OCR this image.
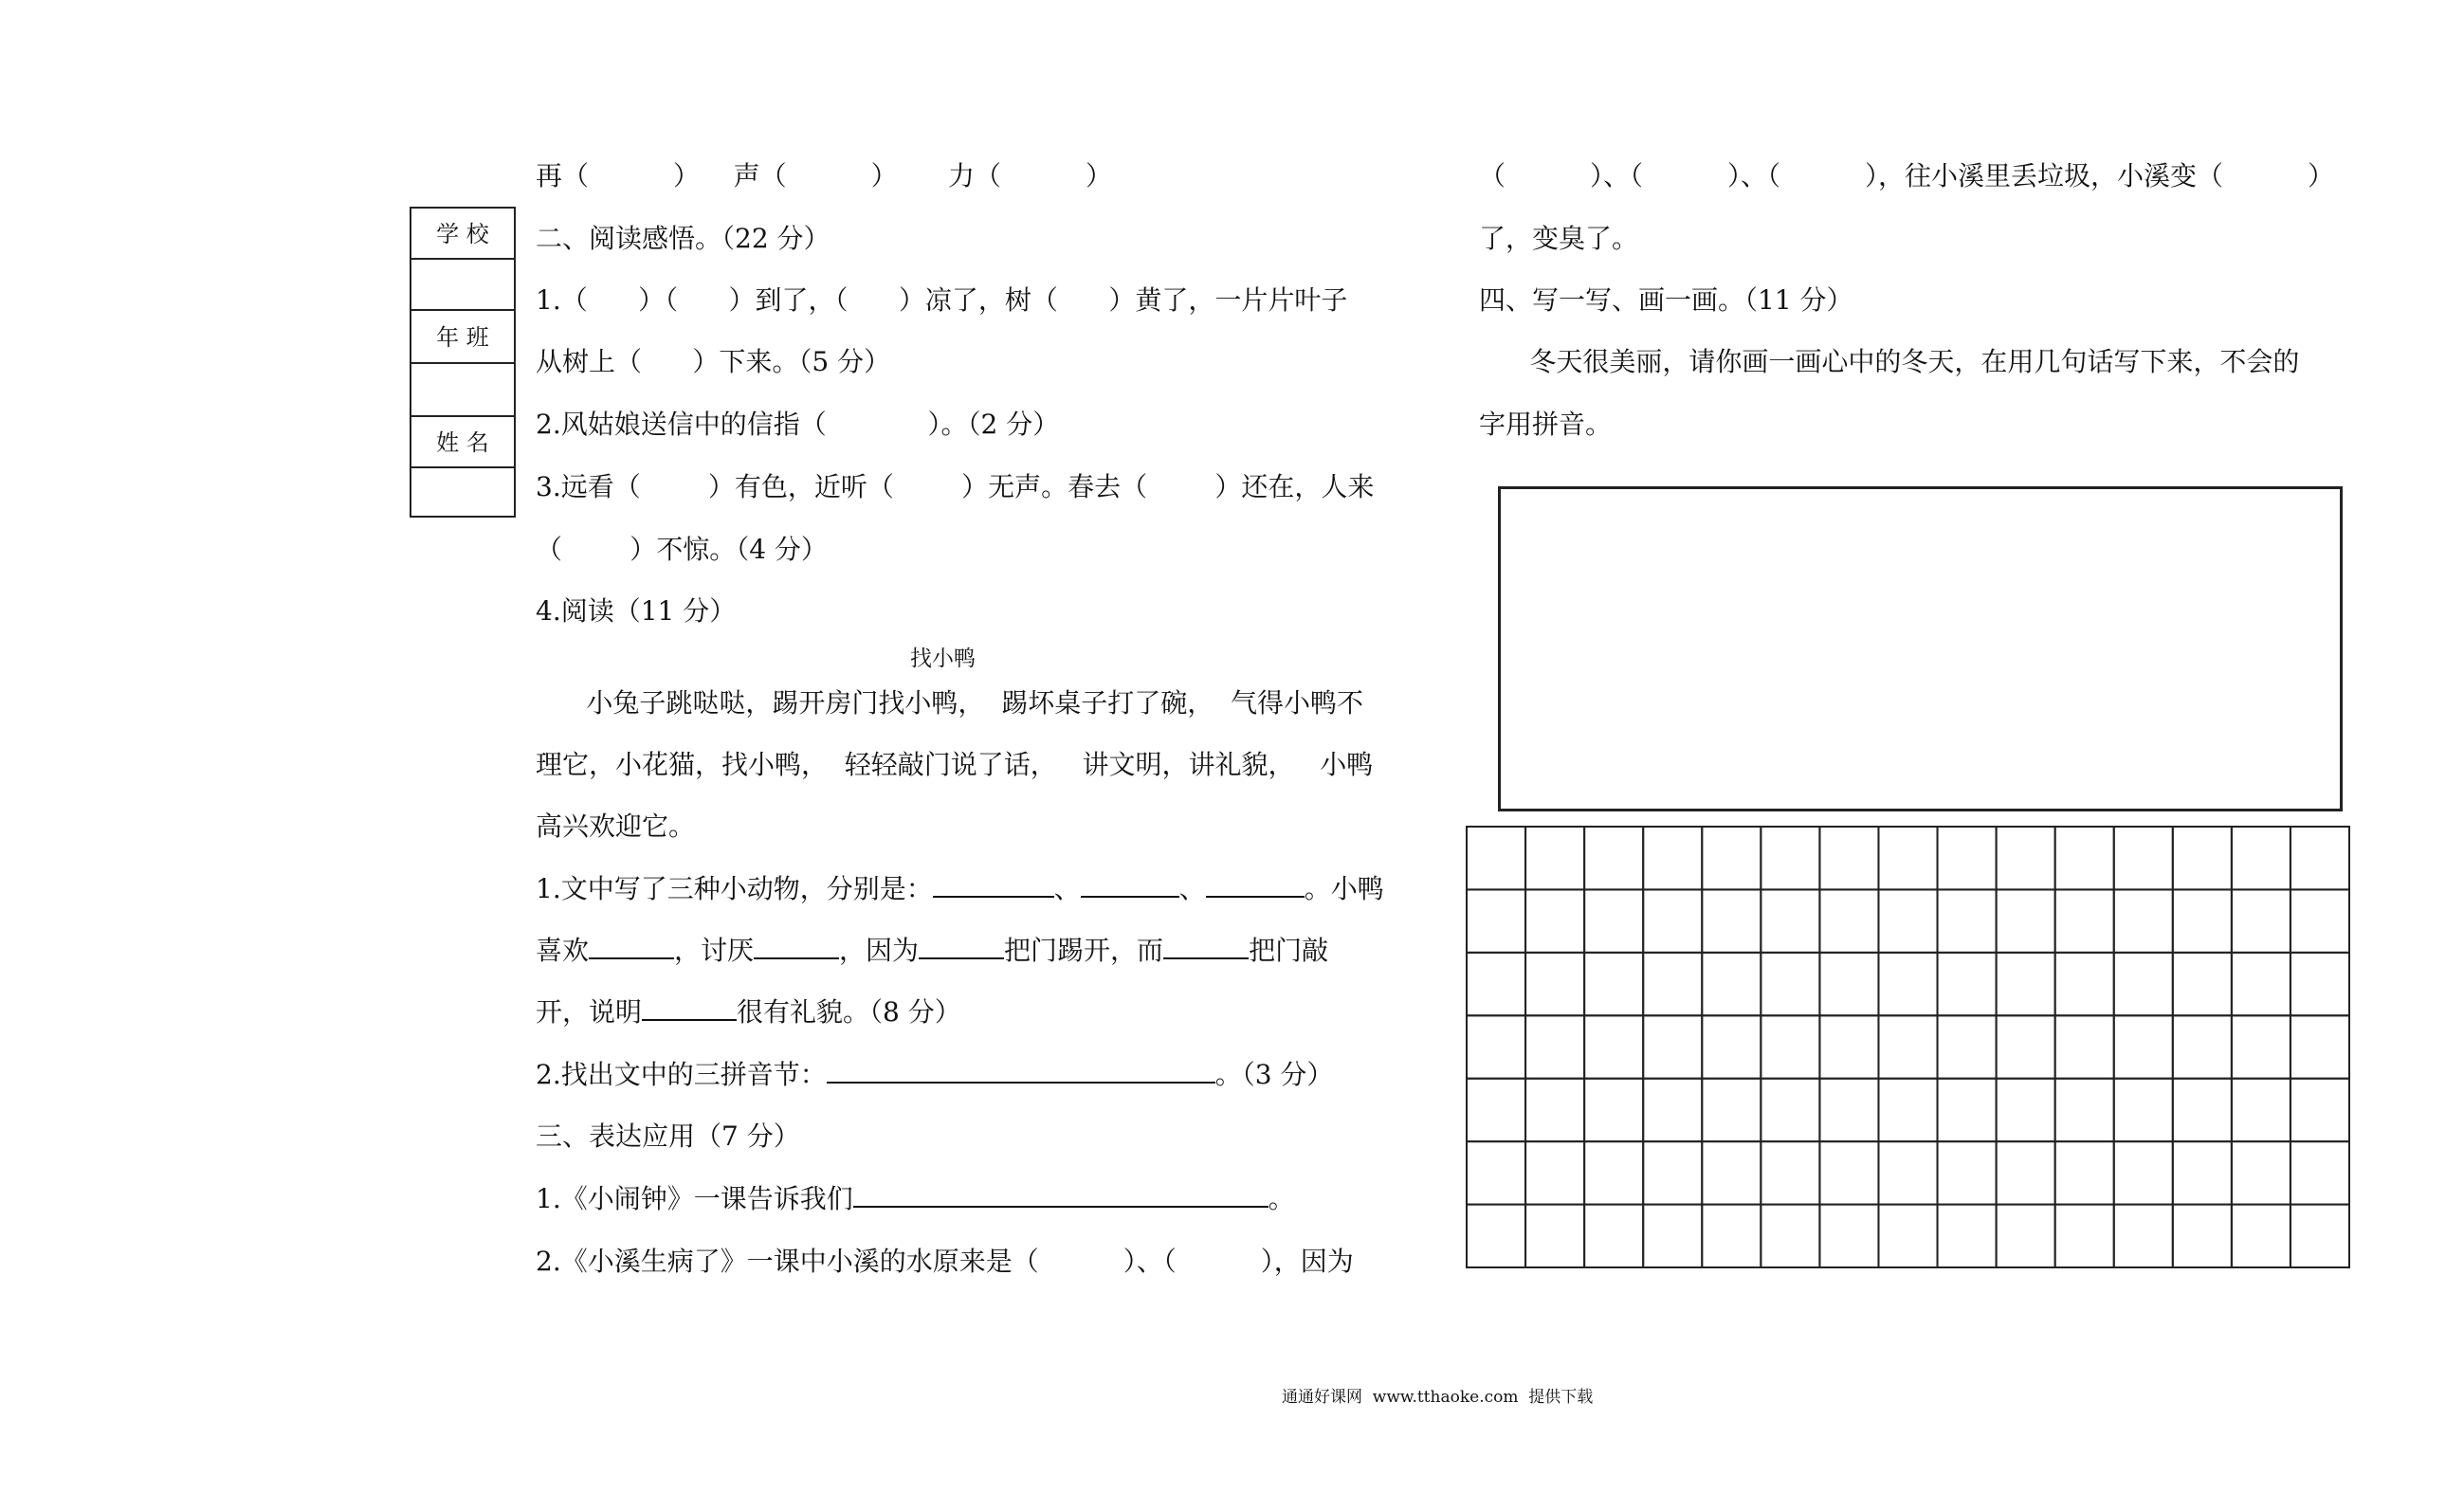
学 校
年 班
姓 名
再（          ）    声（          ）      力（          ）
二、阅读感悟。（22 分）
1.（      ）（      ）到了，（      ）凉了，树（      ）黄了，一片片叶子
从树上（      ）下来。（5 分）
2.风姑娘送信中的信指（            ）。（2 分）
3.远看（        ）有色，近听（        ）无声。春去（        ）还在，人来
（        ）不惊。（4 分）
4.阅读（11 分）
找小鸭
小兔子跳哒哒，踢开房门找小鸭，  踢坏桌子打了碗，  气得小鸭不
理它，小花猫，找小鸭，  轻轻敲门说了话，   讲文明，讲礼貌，   小鸭
高兴欢迎它。
1.文中写了三种小动物，分别是：	、	、	。小鸭
喜欢	，讨厌	，因为	把门踢开，而	把门敲
开，说明	很有礼貌。（8 分）
2.找出文中的三拼音节：	。（3 分）
三、表达应用（7 分）
1.《小闹钟》一课告诉我们	。
2.《小溪生病了》一课中小溪的水原来是（          ）、（          ），因为
（          ）、（          ）、（          ），往小溪里丢垃圾，小溪变（          ）
了，变臭了。
四、写一写、画一画。（11 分）
冬天很美丽，请你画一画心中的冬天，在用几句话写下来，不会的
字用拼音。
通通好课网  www.tthaoke.com  提供下载
